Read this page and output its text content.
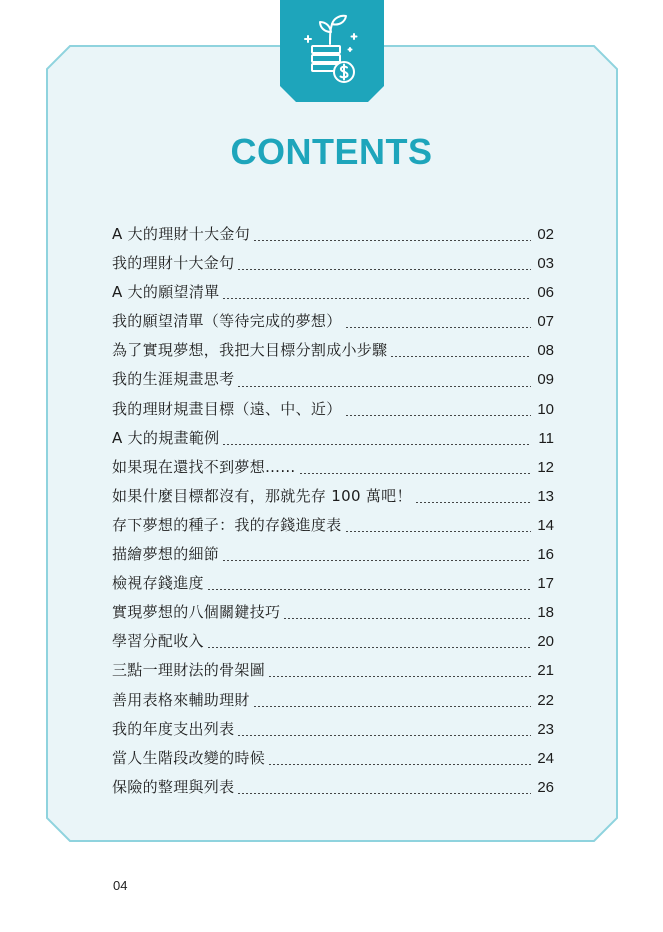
CONTENTS
A 大的理財十大金句	02
我的理財十大金句	03
A 大的願望清單	06
我的願望清單（等待完成的夢想）	07
為了實現夢想，我把大目標分割成小步驟	08
我的生涯規畫思考	09
我的理財規畫目標（遠、中、近）	10
A 大的規畫範例	11
如果現在還找不到夢想……	12
如果什麼目標都沒有，那就先存 100 萬吧！	13
存下夢想的種子：我的存錢進度表	14
描繪夢想的細節	16
檢視存錢進度	17
實現夢想的八個關鍵技巧	18
學習分配收入	20
三點一理財法的骨架圖	21
善用表格來輔助理財	22
我的年度支出列表	23
當人生階段改變的時候	24
保險的整理與列表	26
04
